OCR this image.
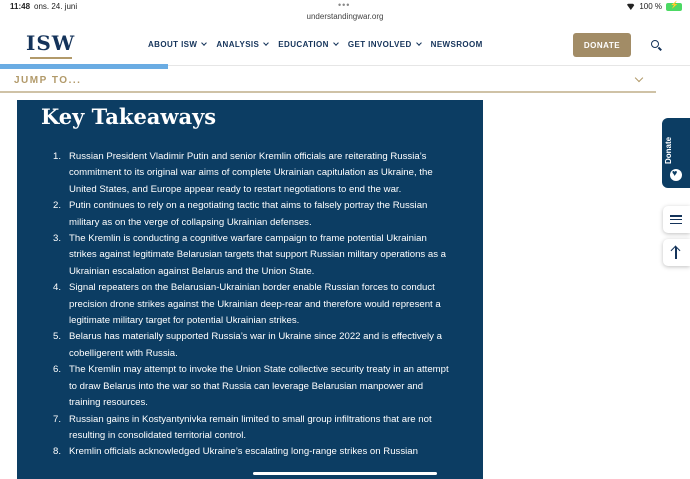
11:48 ons. 24. juni	•••	100 %
⚡
understandingwar.org
ISW	ABOUT ISW ANALYSIS EDUCATION GET INVOLVED NEWSROOM	DONATE
JUMP TO...
Key Takeaways
1. Russian President Vladimir Putin and senior Kremlin officials are reiterating Russia’s commitment to its original war aims of complete Ukrainian capitulation as Ukraine, the United States, and Europe appear ready to restart negotiations to end the war.
2. Putin continues to rely on a negotiating tactic that aims to falsely portray the Russian military as on the verge of collapsing Ukrainian defenses.
3. The Kremlin is conducting a cognitive warfare campaign to frame potential Ukrainian strikes against legitimate Belarusian targets that support Russian military operations as a Ukrainian escalation against Belarus and the Union State.
4. Signal repeaters on the Belarusian-Ukrainian border enable Russian forces to conduct precision drone strikes against the Ukrainian deep-rear and therefore would represent a legitimate military target for potential Ukrainian strikes.
5. Belarus has materially supported Russia’s war in Ukraine since 2022 and is effectively a cobelligerent with Russia.
6. The Kremlin may attempt to invoke the Union State collective security treaty in an attempt to draw Belarus into the war so that Russia can leverage Belarusian manpower and training resources.
7. Russian gains in Kostyantynivka remain limited to small group infiltrations that are not resulting in consolidated territorial control.
8. Kremlin officials acknowledged Ukraine’s escalating long-range strikes on Russian
Donate
♥
